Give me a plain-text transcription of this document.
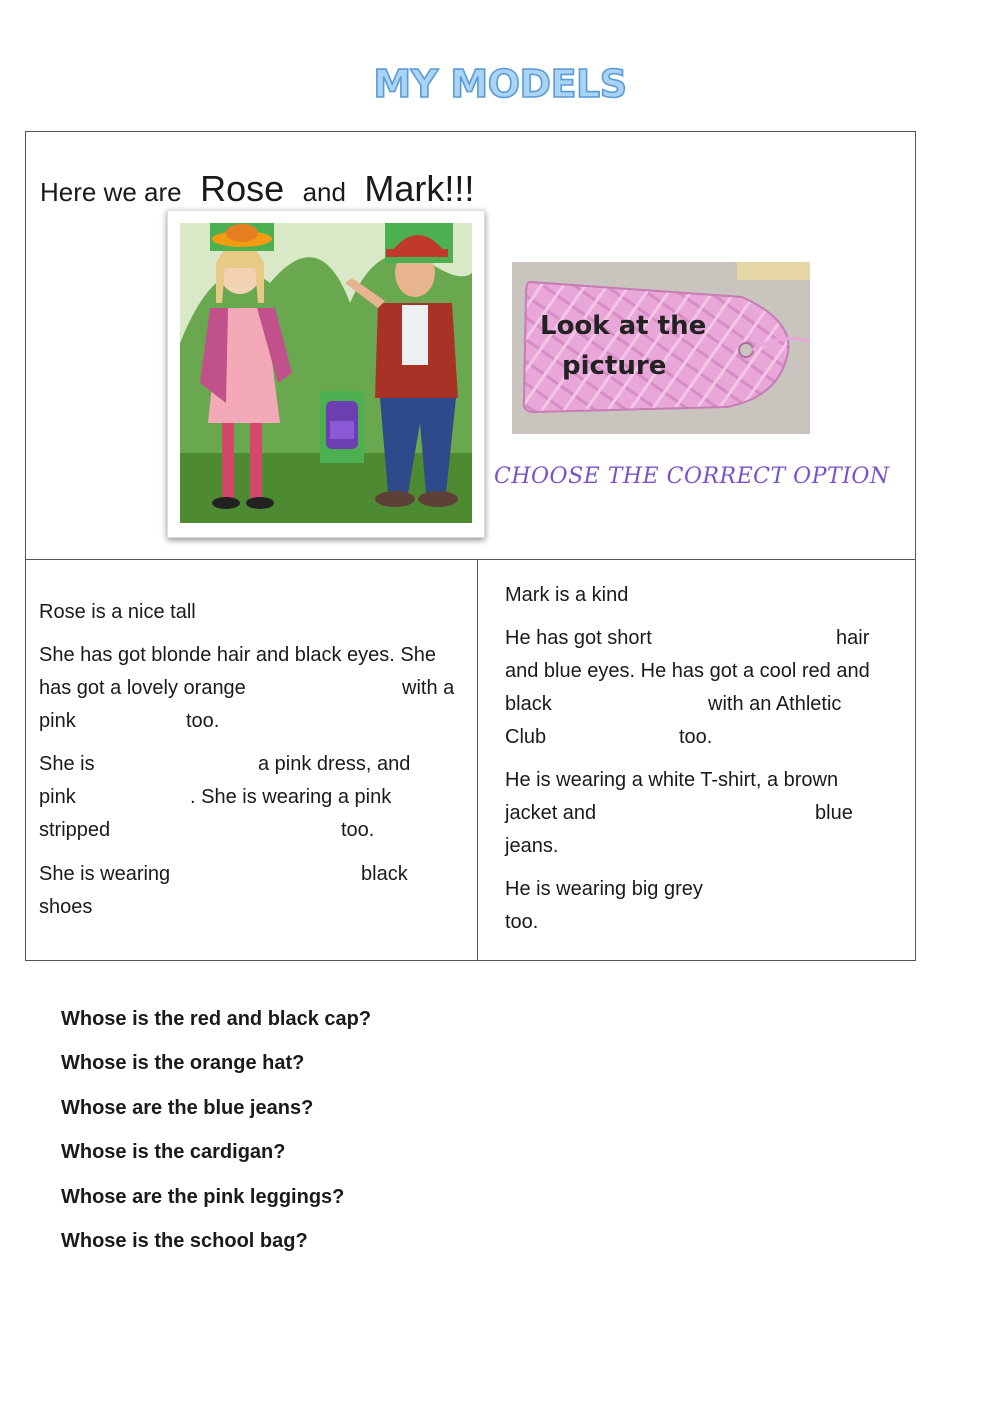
MY MODELS
Here we are Rose and Mark!!!
Look at the
picture
CHOOSE THE CORRECT OPTION
Rose is a nice tall
She has got blonde hair and black eyes. She
has got a lovely orange	with a
pink	too.
She is	a pink dress, and
pink	. She is wearing a pink
stripped	too.
She is wearing	black
shoes
Mark is a kind
He has got short	hair
and blue eyes. He has got a cool red and
black	with an Athletic
Club	too.
He is wearing a white T-shirt, a brown
jacket and	blue
jeans.
He is wearing big grey
too.
Whose is the red and black cap?
Whose is the orange hat?
Whose are the blue jeans?
Whose is the cardigan?
Whose are the pink leggings?
Whose is the school bag?
